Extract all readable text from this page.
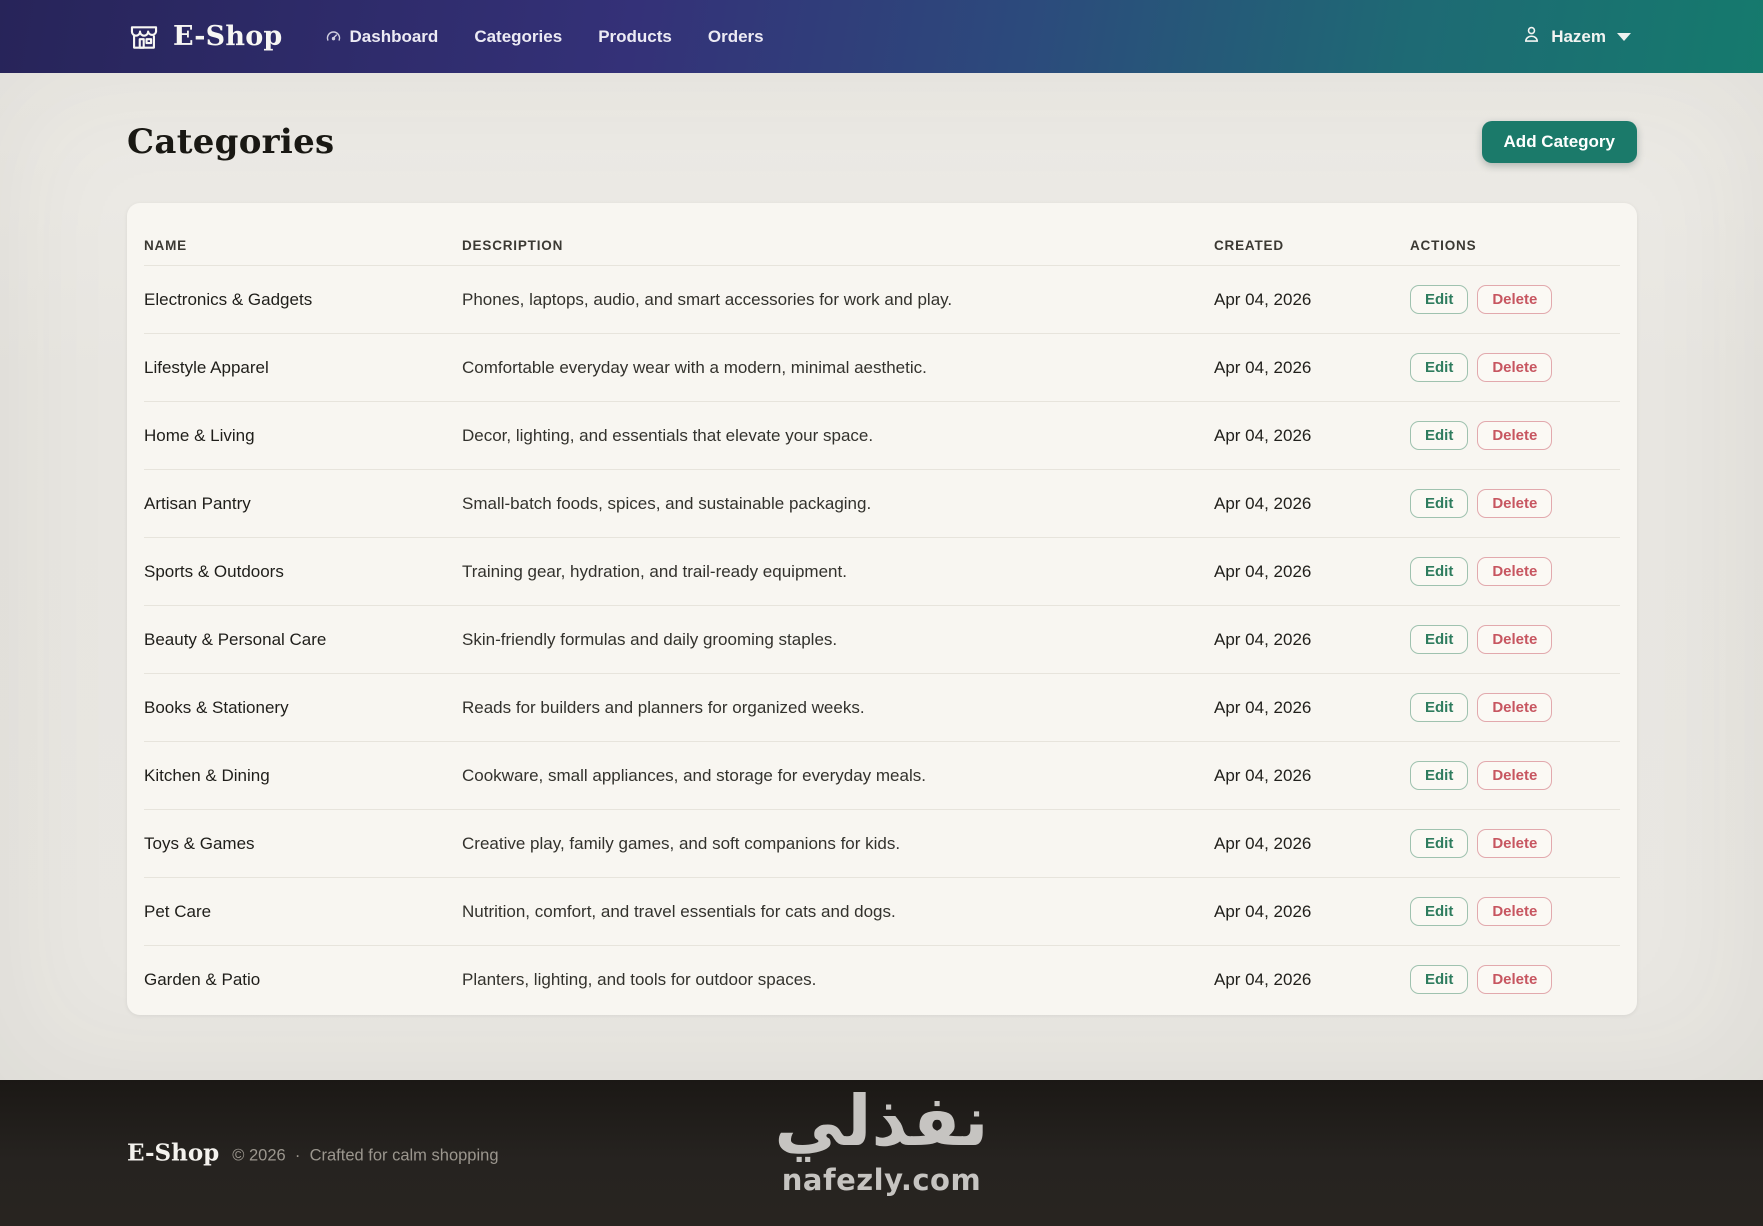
E-Shop	Dashboard Categories Products Orders	Hazem
Categories	Add Category
NAME	DESCRIPTION	CREATED	ACTIONS
Electronics & Gadgets	Phones, laptops, audio, and smart accessories for work and play.	Apr 04, 2026	Edit	Delete
Lifestyle Apparel	Comfortable everyday wear with a modern, minimal aesthetic.	Apr 04, 2026	Edit	Delete
Home & Living	Decor, lighting, and essentials that elevate your space.	Apr 04, 2026	Edit	Delete
Artisan Pantry	Small-batch foods, spices, and sustainable packaging.	Apr 04, 2026	Edit	Delete
Sports & Outdoors	Training gear, hydration, and trail-ready equipment.	Apr 04, 2026	Edit	Delete
Beauty & Personal Care	Skin-friendly formulas and daily grooming staples.	Apr 04, 2026	Edit	Delete
Books & Stationery	Reads for builders and planners for organized weeks.	Apr 04, 2026	Edit	Delete
Kitchen & Dining	Cookware, small appliances, and storage for everyday meals.	Apr 04, 2026	Edit	Delete
Toys & Games	Creative play, family games, and soft companions for kids.	Apr 04, 2026	Edit	Delete
Pet Care	Nutrition, comfort, and travel essentials for cats and dogs.	Apr 04, 2026	Edit	Delete
Garden & Patio	Planters, lighting, and tools for outdoor spaces.	Apr 04, 2026	Edit	Delete
E-Shop © 2026 · Crafted for calm shopping	نفذلي
nafezly.com
